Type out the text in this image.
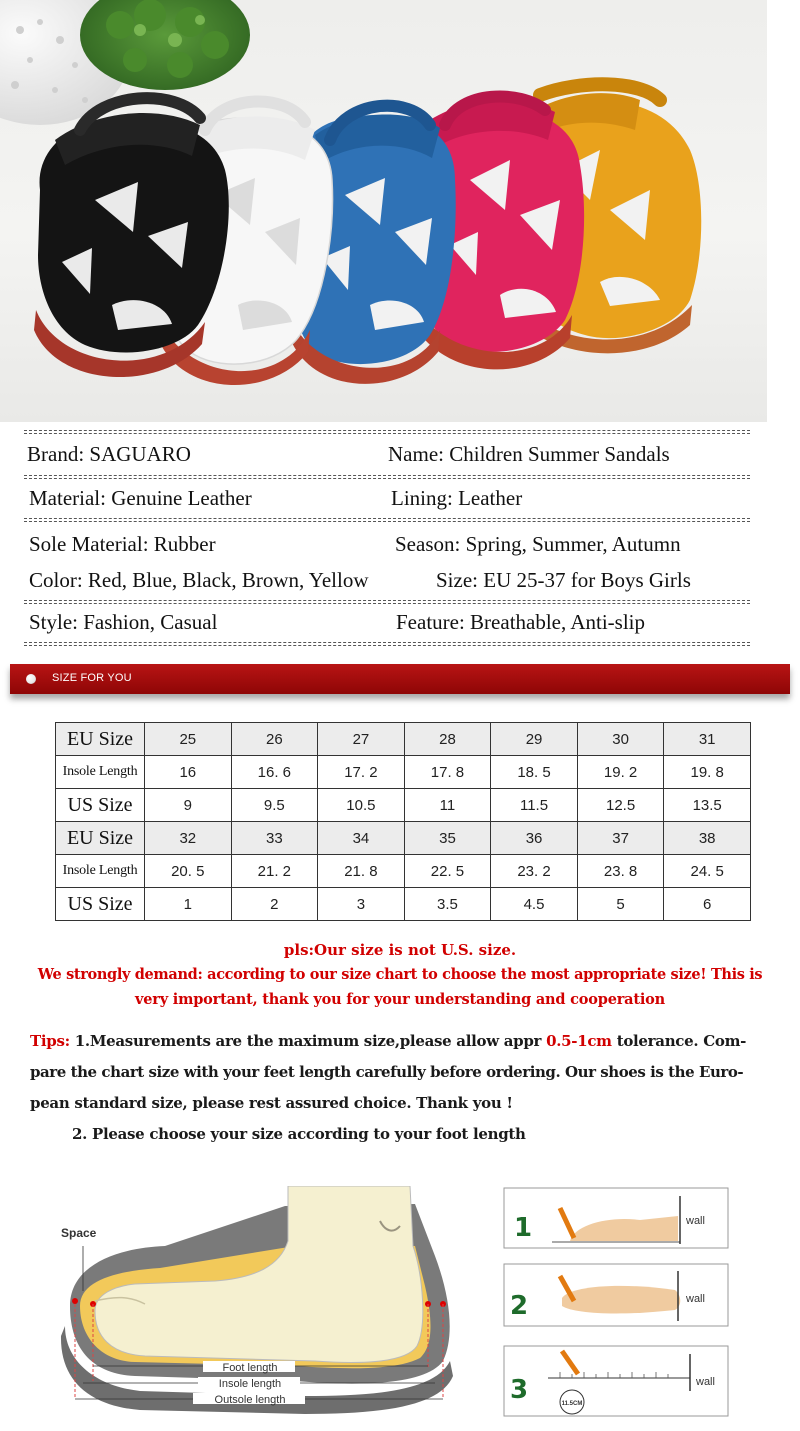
Brand: SAGUARO	Name: Children Summer Sandals
Material: Genuine Leather	Lining: Leather
Sole Material: Rubber	Season: Spring, Summer, Autumn
Color: Red, Blue, Black, Brown, Yellow	Size: EU 25-37 for Boys Girls
Style: Fashion, Casual	Feature: Breathable, Anti-slip
SIZE FOR YOU
EU Size	25	26	27	28	29	30	31
Insole Length	16	16. 6	17. 2	17. 8	18. 5	19. 2	19. 8
US Size	9	9.5	10.5	11	11.5	12.5	13.5
EU Size	32	33	34	35	36	37	38
Insole Length	20. 5	21. 2	21. 8	22. 5	23. 2	23. 8	24. 5
US Size	1	2	3	3.5	4.5	5	6
pls:Our size is not U.S. size.
We strongly demand: according to our size chart to choose the most appropriate size! This is
very important, thank you for your understanding and cooperation
Tips: 1.Measurements are the maximum size,please allow appr 0.5-1cm tolerance. Com-
pare the chart size with your feet length carefully before ordering. Our shoes is the Euro-
pean standard size, please rest assured choice. Thank you !
2. Please choose your size according to your foot length
Foot length
Insole length
Outsole length
Space	1	wall
2	wall
3	wall
11.5CM
